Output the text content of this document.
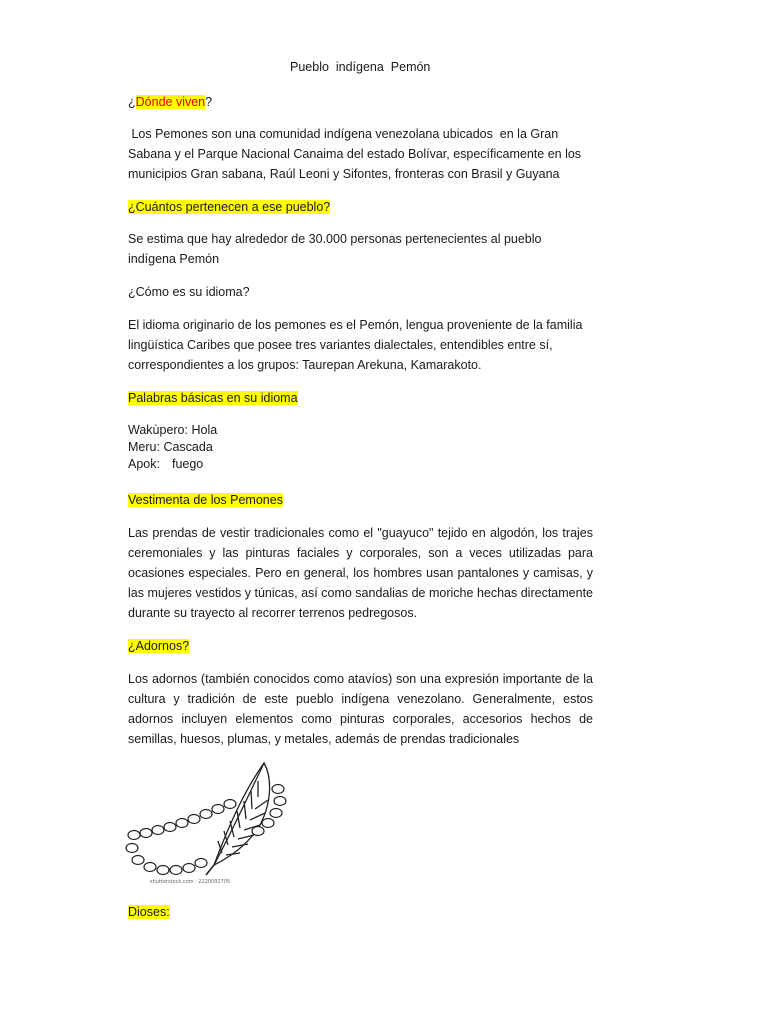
Pueblo  indígena  Pemón

¿Dónde viven?

Los Pemones son una comunidad indígena venezolana ubicados  en la Gran
Sabana y el Parque Nacional Canaima del estado Bolívar, específicamente en los
municipios Gran sabana, Raúl Leoni y Sifontes, fronteras con Brasil y Guyana

¿Cuántos pertenecen a ese pueblo?

Se estima que hay alrededor de 30.000 personas pertenecientes al pueblo
indígena Pemón

¿Cómo es su idioma?

El idioma originario de los pemones es el Pemón, lengua proveniente de la familia
lingüística Caribes que posee tres variantes dialectales, entendibles entre sí,
correspondientes a los grupos: Taurepan Arekuna, Kamarakoto.

Palabras básicas en su idioma

Wakùpero: Hola
Meru: Cascada
Apok: fuego

Vestimenta de los Pemones

Las prendas de vestir tradicionales como el "guayuco" tejido en algodón, los trajes ceremoniales y las pinturas faciales y corporales, son a veces utilizadas para ocasiones especiales. Pero en general, los hombres usan pantalones y camisas, y las mujeres vestidos y túnicas, así como sandalias de moriche hechas directamente durante su trayecto al recorrer terrenos pedregosos.

¿Adornos?

Los adornos (también conocidos como atavíos) son una expresión importante de la cultura y tradición de este pueblo indígena venezolano. Generalmente, estos adornos incluyen elementos como pinturas corporales, accesorios hechos de semillas, huesos, plumas, y metales, además de prendas tradicionales

shutterstock.com · 2220092705

Dioses:
